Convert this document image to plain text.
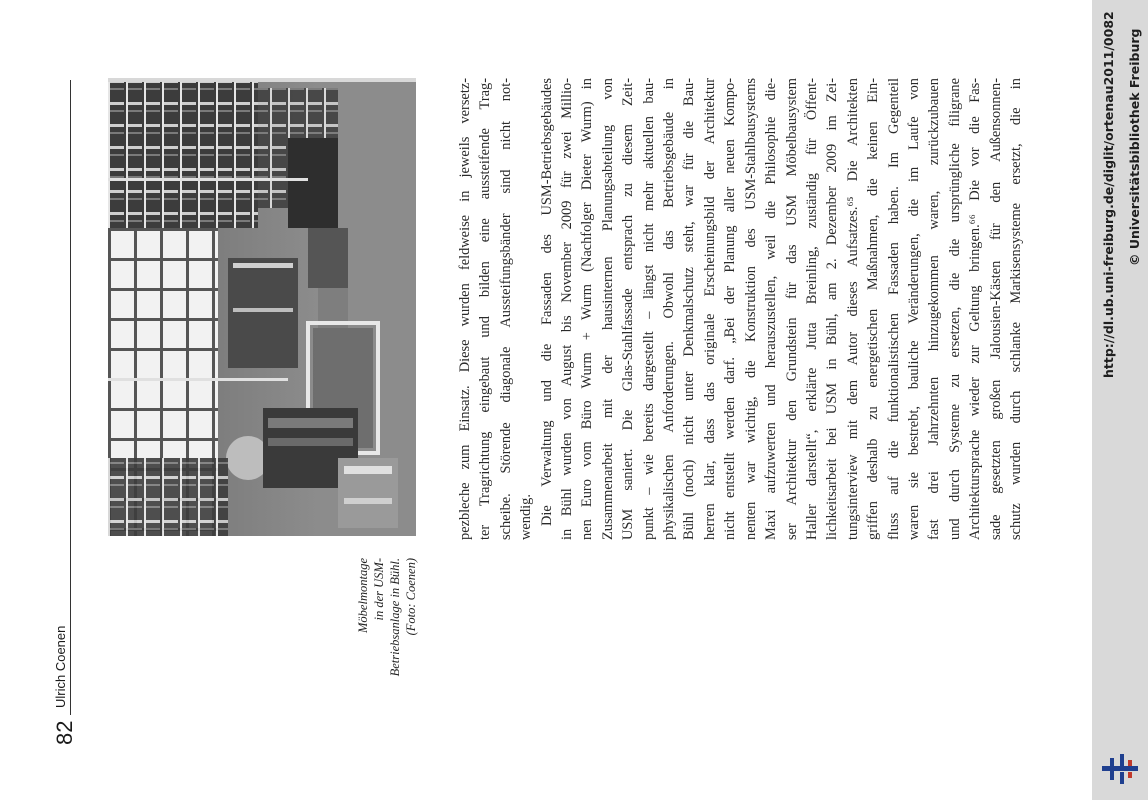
82
Ulrich Coenen
Möbelmontage in der USM- Betriebsanlage in Bühl. (Foto: Coenen)
pezbleche zum Einsatz. Diese wurden feldweise in jeweils versetz- ter Tragrichtung eingebaut und bilden eine aussteifende Trag- scheibe. Störende diagonale Aussteifungsbänder sind nicht not- wendig. Die Verwaltung und die Fassaden des USM-Betriebsgebäudes in Bühl wurden von August bis November 2009 für zwei Millio- nen Euro vom Büro Wurm + Wurm (Nachfolger Dieter Wurm) in Zusammenarbeit mit der hausinternen Planungsabteilung von USM saniert. Die Glas-Stahlfassade entsprach zu diesem Zeit- punkt – wie bereits dargestellt – längst nicht mehr aktuellen bau- physikalischen Anforderungen. Obwohl das Betriebsgebäude in Bühl (noch) nicht unter Denkmalschutz steht, war für die Bau- herren klar, dass das originale Erscheinungsbild der Architektur nicht entstellt werden darf. „Bei der Planung aller neuen Kompo- nenten war wichtig, die Konstruktion des USM-Stahlbausystems Maxi aufzuwerten und herauszustellen, weil die Philosophie die- ser Architektur den Grundstein für das USM Möbelbausystem Haller darstellt“, erklärte Jutta Breinling, zuständig für Öffent- lichkeitsarbeit bei USM in Bühl, am 2. Dezember 2009 im Zei- tungsinterview mit dem Autor dieses Aufsatzes.⁶⁵ Die Architekten griffen deshalb zu energetischen Maßnahmen, die keinen Ein- fluss auf die funktionalistischen Fassaden haben. Im Gegenteil waren sie bestrebt, bauliche Veränderungen, die im Laufe von fast drei Jahrzehnten hinzugekommen waren, zurückzubauen und durch Systeme zu ersetzen, die die ursprüngliche filigrane Architektursprache wieder zur Geltung bringen.⁶⁶ Die vor die Fas- sade gesetzten großen Jalousien-Kästen für den Außensonnen- schutz wurden durch schlanke Markisensysteme ersetzt, die in	http://dl.ub.uni-freiburg.de/diglit/ortenau2011/0082 © Universitätsbibliothek Freiburg
